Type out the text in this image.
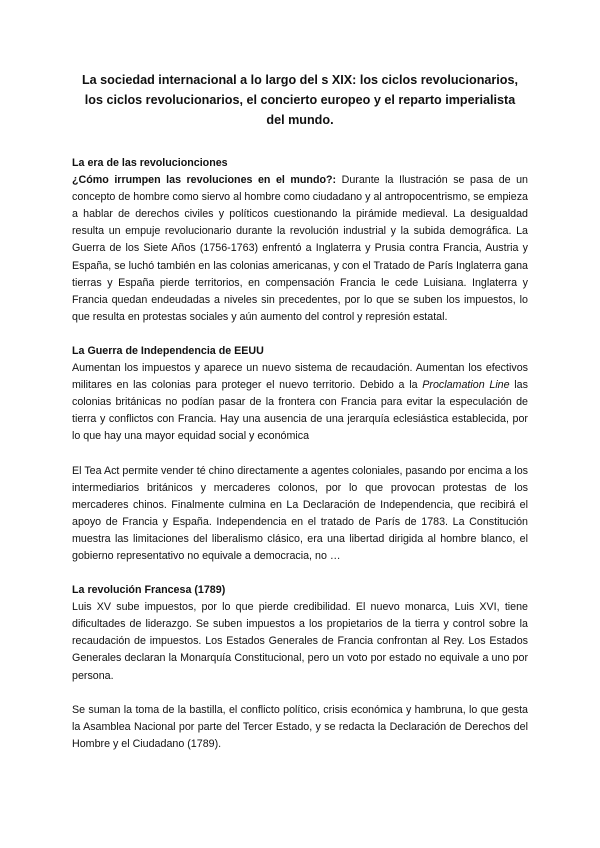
La sociedad internacional a lo largo del s XIX: los ciclos revolucionarios, los ciclos revolucionarios, el concierto europeo y el reparto imperialista del mundo.

La era de las revolucionciones

¿Cómo irrumpen las revoluciones en el mundo?: Durante la Ilustración se pasa de un concepto de hombre como siervo al hombre como ciudadano y al antropocentrismo, se empieza a hablar de derechos civiles y políticos cuestionando la pirámide medieval. La desigualdad resulta un empuje revolucionario durante la revolución industrial y la subida demográfica. La Guerra de los Siete Años (1756-1763) enfrentó a Inglaterra y Prusia contra Francia, Austria y España, se luchó también en las colonias americanas, y con el Tratado de París Inglaterra gana tierras y España pierde territorios, en compensación Francia le cede Luisiana. Inglaterra y Francia quedan endeudadas a niveles sin precedentes, por lo que se suben los impuestos, lo que resulta en protestas sociales y aún aumento del control y represión estatal.

La Guerra de Independencia de EEUU

Aumentan los impuestos y aparece un nuevo sistema de recaudación. Aumentan los efectivos militares en las colonias para proteger el nuevo territorio. Debido a la Proclamation Line las colonias británicas no podían pasar de la frontera con Francia para evitar la especulación de tierra y conflictos con Francia. Hay una ausencia de una jerarquía eclesiástica establecida, por lo que hay una mayor equidad social y económica

El Tea Act permite vender té chino directamente a agentes coloniales, pasando por encima a los intermediarios británicos y mercaderes colonos, por lo que provocan protestas de los mercaderes chinos. Finalmente culmina en La Declaración de Independencia, que recibirá el apoyo de Francia y España. Independencia en el tratado de París de 1783. La Constitución muestra las limitaciones del liberalismo clásico, era una libertad dirigida al hombre blanco, el gobierno representativo no equivale a democracia, no …

La revolución Francesa (1789)

Luis XV sube impuestos, por lo que pierde credibilidad. El nuevo monarca, Luis XVI, tiene dificultades de liderazgo. Se suben impuestos a los propietarios de la tierra y control sobre la recaudación de impuestos. Los Estados Generales de Francia confrontan al Rey. Los Estados Generales declaran la Monarquía Constitucional, pero un voto por estado no equivale a uno por persona.

Se suman la toma de la bastilla, el conflicto político, crisis económica y hambruna, lo que gesta la Asamblea Nacional por parte del Tercer Estado, y se redacta la Declaración de Derechos del Hombre y el Ciudadano (1789).
